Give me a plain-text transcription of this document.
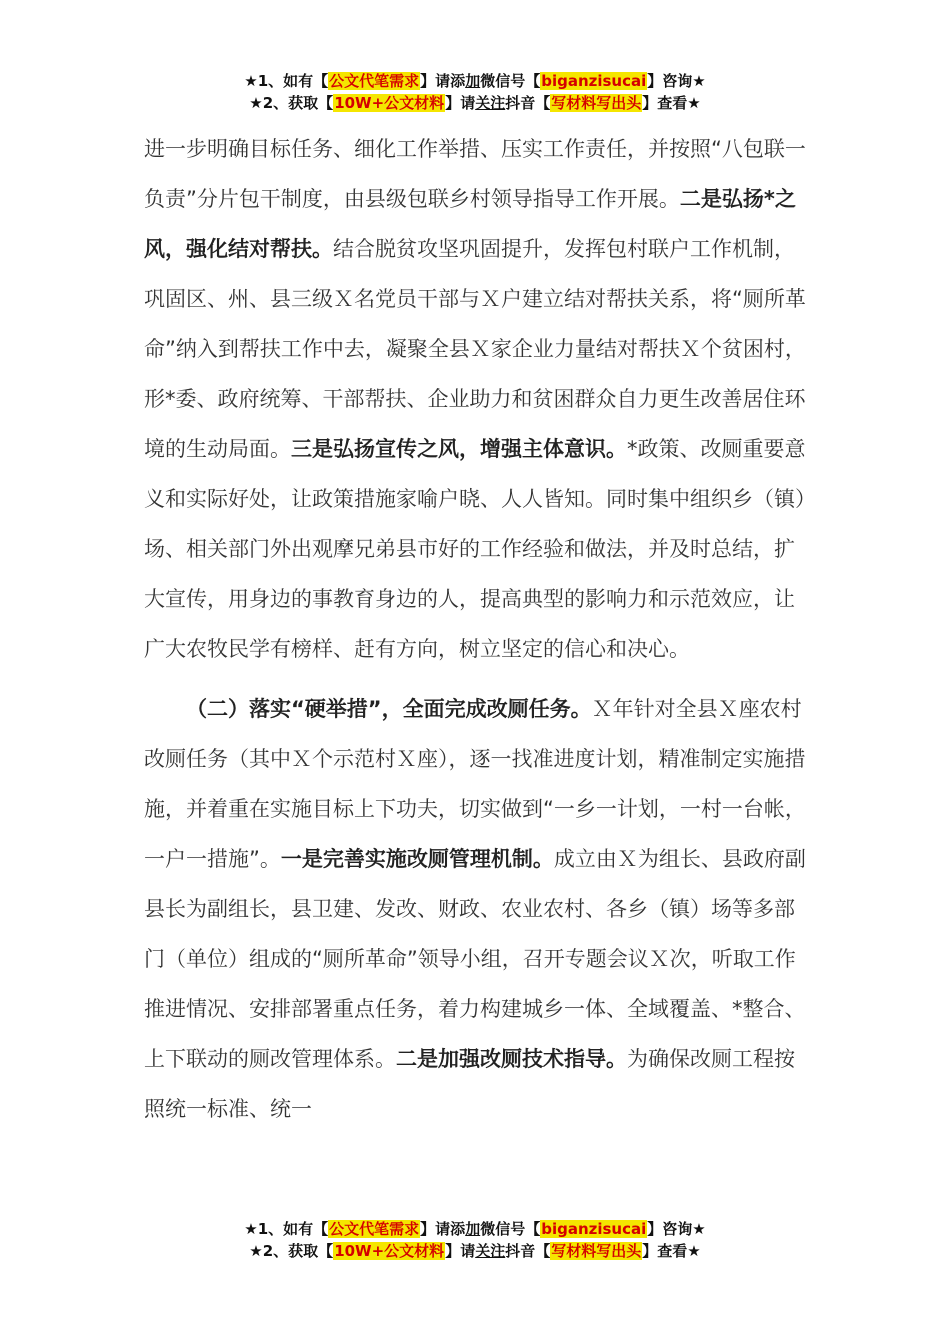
★1、如有【公文代笔需求】请添加微信号【biganzisucai】咨询★
★2、获取【10W+公文材料】请关注抖音【写材料写出头】查看★

进一步明确目标任务、细化工作举措、压实工作责任，并按照“八包联一负责”分片包干制度，由县级包联乡村领导指导工作开展。二是弘扬*之风，强化结对帮扶。结合脱贫攻坚巩固提升，发挥包村联户工作机制，巩固区、州、县三级Ｘ名党员干部与Ｘ户建立结对帮扶关系，将“厕所革命”纳入到帮扶工作中去，凝聚全县Ｘ家企业力量结对帮扶Ｘ个贫困村，形*委、政府统筹、干部帮扶、企业助力和贫困群众自力更生改善居住环境的生动局面。三是弘扬宣传之风，增强主体意识。*政策、改厕重要意义和实际好处，让政策措施家喻户晓、人人皆知。同时集中组织乡（镇）场、相关部门外出观摩兄弟县市好的工作经验和做法，并及时总结，扩大宣传，用身边的事教育身边的人，提高典型的影响力和示范效应，让广大农牧民学有榜样、赶有方向，树立坚定的信心和决心。

（二）落实“硬举措”，全面完成改厕任务。Ｘ年针对全县Ｘ座农村改厕任务（其中Ｘ个示范村Ｘ座），逐一找准进度计划，精准制定实施措施，并着重在实施目标上下功夫，切实做到“一乡一计划，一村一台帐，一户一措施”。一是完善实施改厕管理机制。成立由Ｘ为组长、县政府副县长为副组长，县卫建、发改、财政、农业农村、各乡（镇）场等多部门（单位）组成的“厕所革命”领导小组，召开专题会议Ｘ次，听取工作推进情况、安排部署重点任务，着力构建城乡一体、全域覆盖、*整合、上下联动的厕改管理体系。二是加强改厕技术指导。为确保改厕工程按照统一标准、统一

★1、如有【公文代笔需求】请添加微信号【biganzisucai】咨询★
★2、获取【10W+公文材料】请关注抖音【写材料写出头】查看★
